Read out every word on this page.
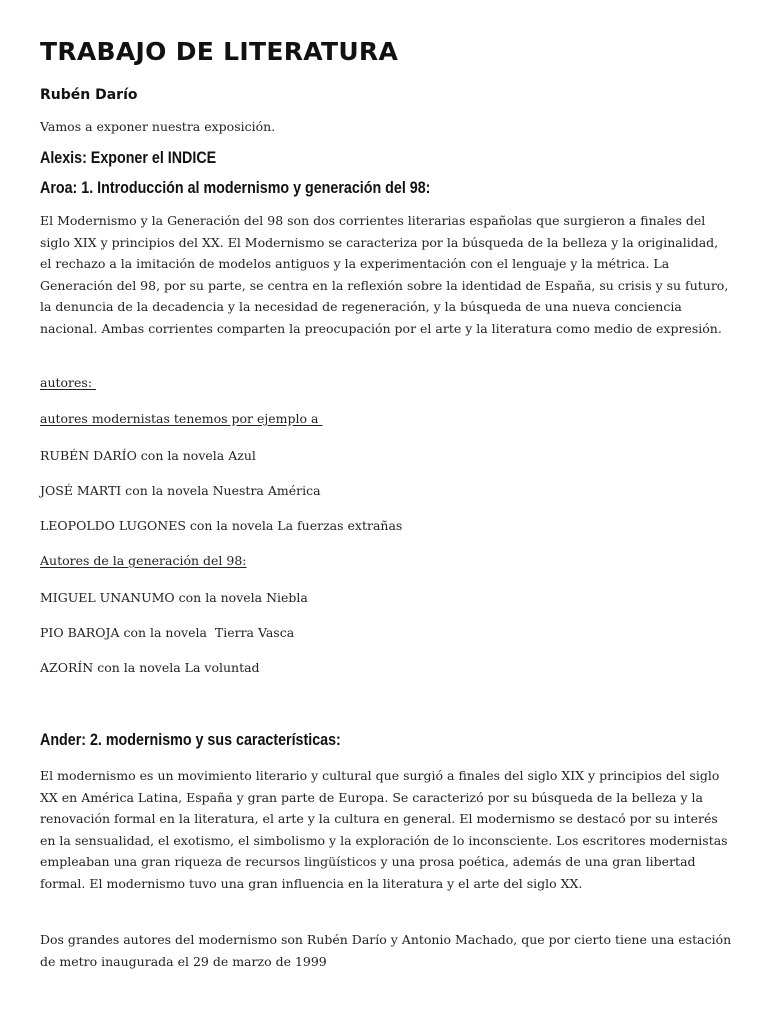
TRABAJO DE LITERATURA
Rubén Darío

Vamos a exponer nuestra exposición.

Alexis: Exponer el INDICE
Aroa: 1. Introducción al modernismo y generación del 98:

El Modernismo y la Generación del 98 son dos corrientes literarias españolas que surgieron a finales del siglo XIX y principios del XX. El Modernismo se caracteriza por la búsqueda de la belleza y la originalidad, el rechazo a la imitación de modelos antiguos y la experimentación con el lenguaje y la métrica. La Generación del 98, por su parte, se centra en la reflexión sobre la identidad de España, su crisis y su futuro, la denuncia de la decadencia y la necesidad de regeneración, y la búsqueda de una nueva conciencia nacional. Ambas corrientes comparten la preocupación por el arte y la literatura como medio de expresión.

autores:
autores modernistas tenemos por ejemplo a
RUBÉN DARÍO con la novela Azul
JOSÉ MARTI con la novela Nuestra América
LEOPOLDO LUGONES con la novela La fuerzas extrañas
Autores de la generación del 98:
MIGUEL UNANUMO con la novela Niebla
PIO BAROJA con la novela  Tierra Vasca
AZORÍN con la novela La voluntad
Ander: 2. modernismo y sus características:

El modernismo es un movimiento literario y cultural que surgió a finales del siglo XIX y principios del siglo XX en América Latina, España y gran parte de Europa. Se caracterizó por su búsqueda de la belleza y la renovación formal en la literatura, el arte y la cultura en general. El modernismo se destacó por su interés en la sensualidad, el exotismo, el simbolismo y la exploración de lo inconsciente. Los escritores modernistas empleaban una gran riqueza de recursos lingüísticos y una prosa poética, además de una gran libertad formal. El modernismo tuvo una gran influencia en la literatura y el arte del siglo XX.

Dos grandes autores del modernismo son Rubén Darío y Antonio Machado, que por cierto tiene una estación de metro inaugurada el 29 de marzo de 1999
